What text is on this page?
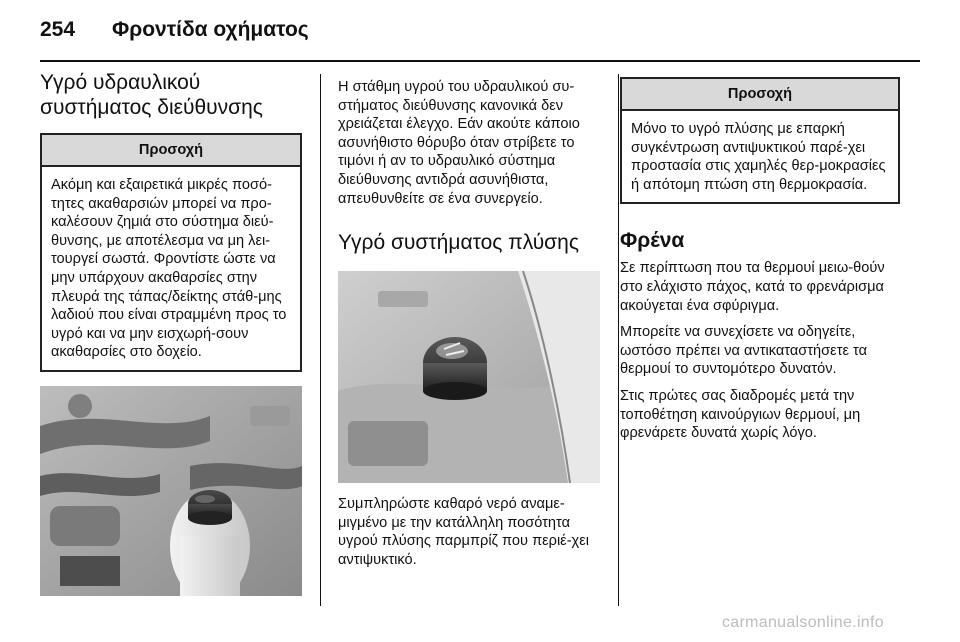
254 Φροντίδα οχήματος
Υγρό υδραυλικού
συστήματος διεύθυνσης
Προσοχή
Ακόμη και εξαιρετικά μικρές ποσό-τητες ακαθαρσιών μπορεί να προ-καλέσουν ζημιά στο σύστημα διεύ-θυνσης, με αποτέλεσμα να μη λει-τουργεί σωστά. Φροντίστε ώστε να μην υπάρχουν ακαθαρσίες στην πλευρά της τάπας/δείκτης στάθ-μης λαδιού που είναι στραμμένη προς το υγρό και να μην εισχωρή-σουν ακαθαρσίες στο δοχείο.

Η στάθμη υγρού του υδραυλικού συ-στήματος διεύθυνσης κανονικά δεν χρειάζεται έλεγχο. Εάν ακούτε κάποιο ασυνήθιστο θόρυβο όταν στρίβετε το τιμόνι ή αν το υδραυλικό σύστημα διεύθυνσης αντιδρά ασυνήθιστα, απευθυνθείτε σε ένα συνεργείο.

Υγρό συστήματος πλύσης

Συμπληρώστε καθαρό νερό αναμε-μιγμένο με την κατάλληλη ποσότητα υγρού πλύσης παρμπρίζ που περιέ-χει αντιψυκτικό.

Προσοχή
Μόνο το υγρό πλύσης με επαρκή συγκέντρωση αντιψυκτικού παρέ-χει προστασία στις χαμηλές θερ-μοκρασίες ή απότομη πτώση στη θερμοκρασία.
Φρένα

Σε περίπτωση που τα θερμουί μειω-θούν στο ελάχιστο πάχος, κατά το φρενάρισμα ακούγεται ένα σφύριγμα.

Μπορείτε να συνεχίσετε να οδηγείτε, ωστόσο πρέπει να αντικαταστήσετε τα θερμουί το συντομότερο δυνατόν.

Στις πρώτες σας διαδρομές μετά την τοποθέτηση καινούργιων θερμουί, μη φρενάρετε δυνατά χωρίς λόγο.

carmanualsonline.info
